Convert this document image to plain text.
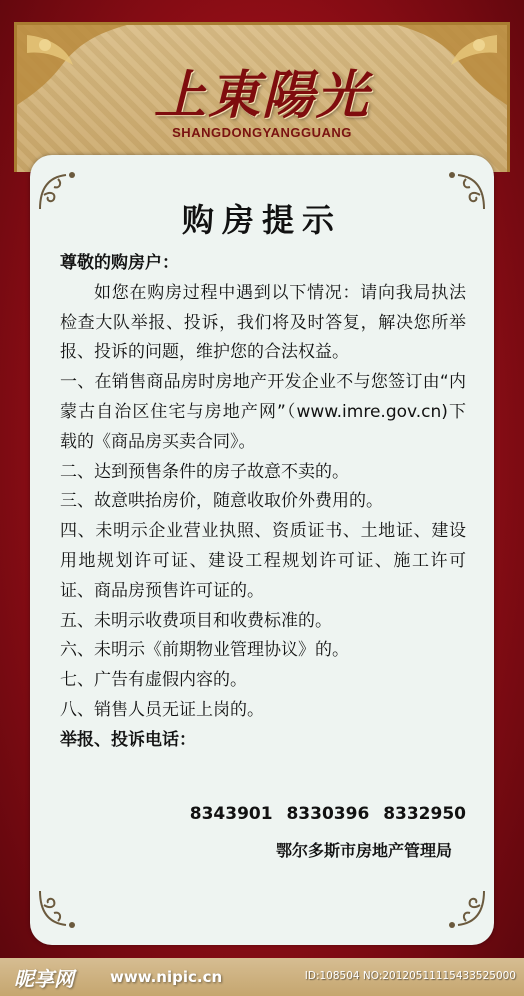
上東陽光
SHANGDONGYANGGUANG
购房提示

尊敬的购房户：

如您在购房过程中遇到以下情况：请向我局执法检查大队举报、投诉，我们将及时答复，解决您所举报、投诉的问题，维护您的合法权益。

一、在销售商品房时房地产开发企业不与您签订由“内蒙古自治区住宅与房地产网”（www.imre.gov.cn)下载的《商品房买卖合同》。

二、达到预售条件的房子故意不卖的。

三、故意哄抬房价，随意收取价外费用的。

四、未明示企业营业执照、资质证书、土地证、建设用地规划许可证、建设工程规划许可证、施工许可证、商品房预售许可证的。

五、未明示收费项目和收费标准的。

六、未明示《前期物业管理协议》的。

七、广告有虚假内容的。

八、销售人员无证上岗的。

举报、投诉电话：

8343901 8330396 8332950
鄂尔多斯市房地产管理局
昵享网 www.nipic.cn	ID:108504 NO:20120511115433525000
